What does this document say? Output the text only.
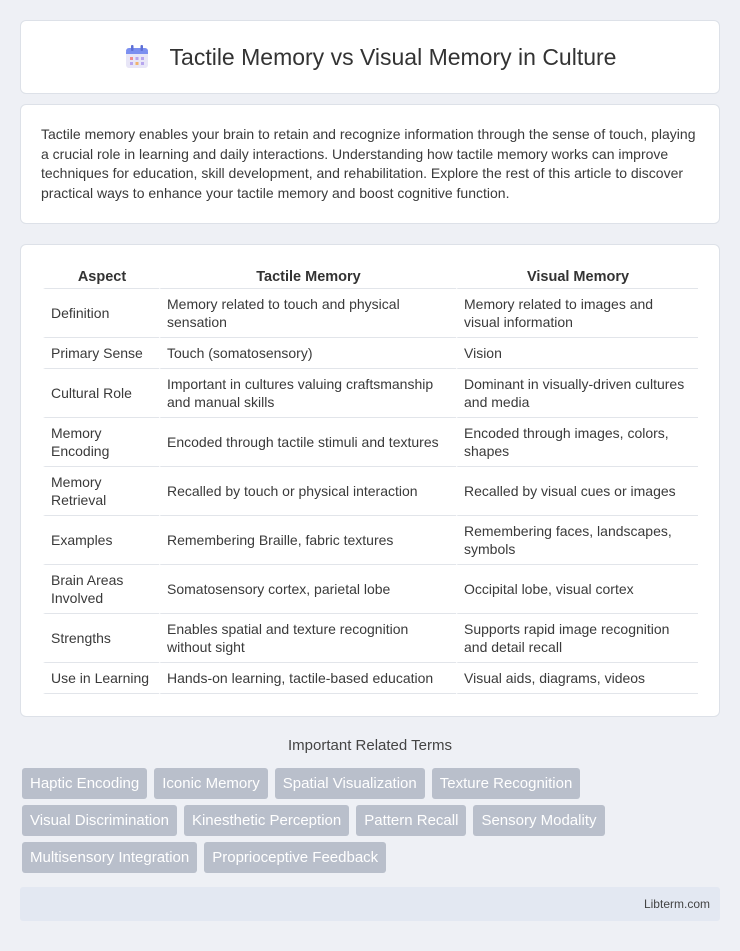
Tactile Memory vs Visual Memory in Culture

Tactile memory enables your brain to retain and recognize information through the sense of touch, playing a crucial role in learning and daily interactions. Understanding how tactile memory works can improve techniques for education, skill development, and rehabilitation. Explore the rest of this article to discover practical ways to enhance your tactile memory and boost cognitive function.

Aspect	Tactile Memory	Visual Memory
Definition	Memory related to touch and physical sensation	Memory related to images and visual information
Primary Sense	Touch (somatosensory)	Vision
Cultural Role	Important in cultures valuing craftsmanship and manual skills	Dominant in visually-driven cultures and media
Memory Encoding	Encoded through tactile stimuli and textures	Encoded through images, colors, shapes
Memory Retrieval	Recalled by touch or physical interaction	Recalled by visual cues or images
Examples	Remembering Braille, fabric textures	Remembering faces, landscapes, symbols
Brain Areas Involved	Somatosensory cortex, parietal lobe	Occipital lobe, visual cortex
Strengths	Enables spatial and texture recognition without sight	Supports rapid image recognition and detail recall
Use in Learning	Hands-on learning, tactile-based education	Visual aids, diagrams, videos
Important Related Terms
Haptic Encoding	Iconic Memory	Spatial Visualization	Texture Recognition
Visual Discrimination	Kinesthetic Perception	Pattern Recall	Sensory Modality
Multisensory Integration	Proprioceptive Feedback
Libterm.com
